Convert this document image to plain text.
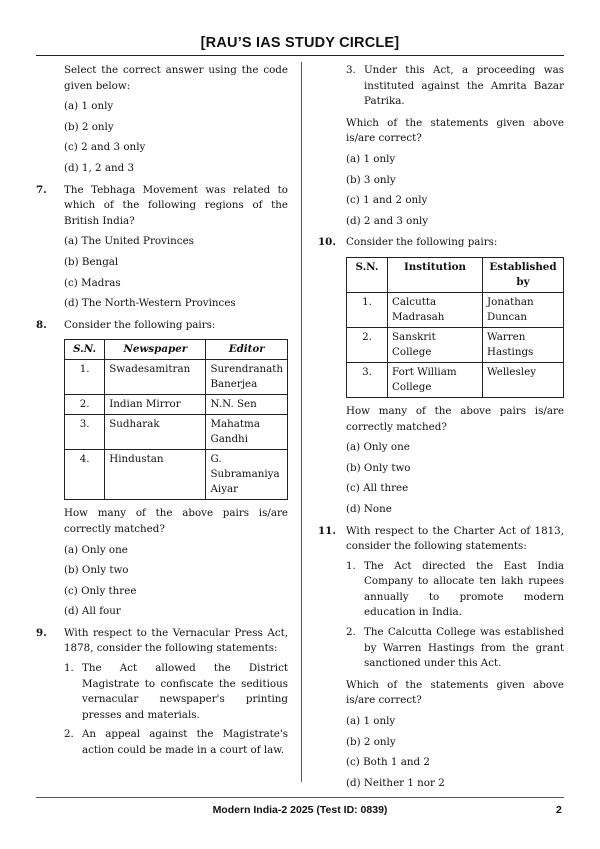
[RAU’S IAS STUDY CIRCLE]
Select the correct answer using the code given below:
(a) 1 only
(b) 2 only
(c) 2 and 3 only
(d) 1, 2 and 3
7. The Tebhaga Movement was related to which of the following regions of the British India?
(a) The United Provinces
(b) Bengal
(c) Madras
(d) The North-Western Provinces
8. Consider the following pairs:
S.N.	Newspaper	Editor
1.	Swadesamitran	Surendranath Banerjea
2.	Indian Mirror	N.N. Sen
3.	Sudharak	Mahatma Gandhi
4.	Hindustan	G. Subramaniya Aiyar
How many of the above pairs is/are correctly matched?
(a) Only one
(b) Only two
(c) Only three
(d) All four
9. With respect to the Vernacular Press Act, 1878, consider the following statements:
1. The Act allowed the District Magistrate to confiscate the seditious vernacular newspaper's printing presses and materials.
2. An appeal against the Magistrate's action could be made in a court of law.
3. Under this Act, a proceeding was instituted against the Amrita Bazar Patrika.
Which of the statements given above is/are correct?
(a) 1 only
(b) 3 only
(c) 1 and 2 only
(d) 2 and 3 only
10. Consider the following pairs:
S.N.	Institution	Established by
1.	Calcutta Madrasah	Jonathan Duncan
2.	Sanskrit College	Warren Hastings
3.	Fort William College	Wellesley
How many of the above pairs is/are correctly matched?
(a) Only one
(b) Only two
(c) All three
(d) None
11. With respect to the Charter Act of 1813, consider the following statements:
1. The Act directed the East India Company to allocate ten lakh rupees annually to promote modern education in India.
2. The Calcutta College was established by Warren Hastings from the grant sanctioned under this Act.
Which of the statements given above is/are correct?
(a) 1 only
(b) 2 only
(c) Both 1 and 2
(d) Neither 1 nor 2
Modern India-2 2025 (Test ID: 0839)	2
